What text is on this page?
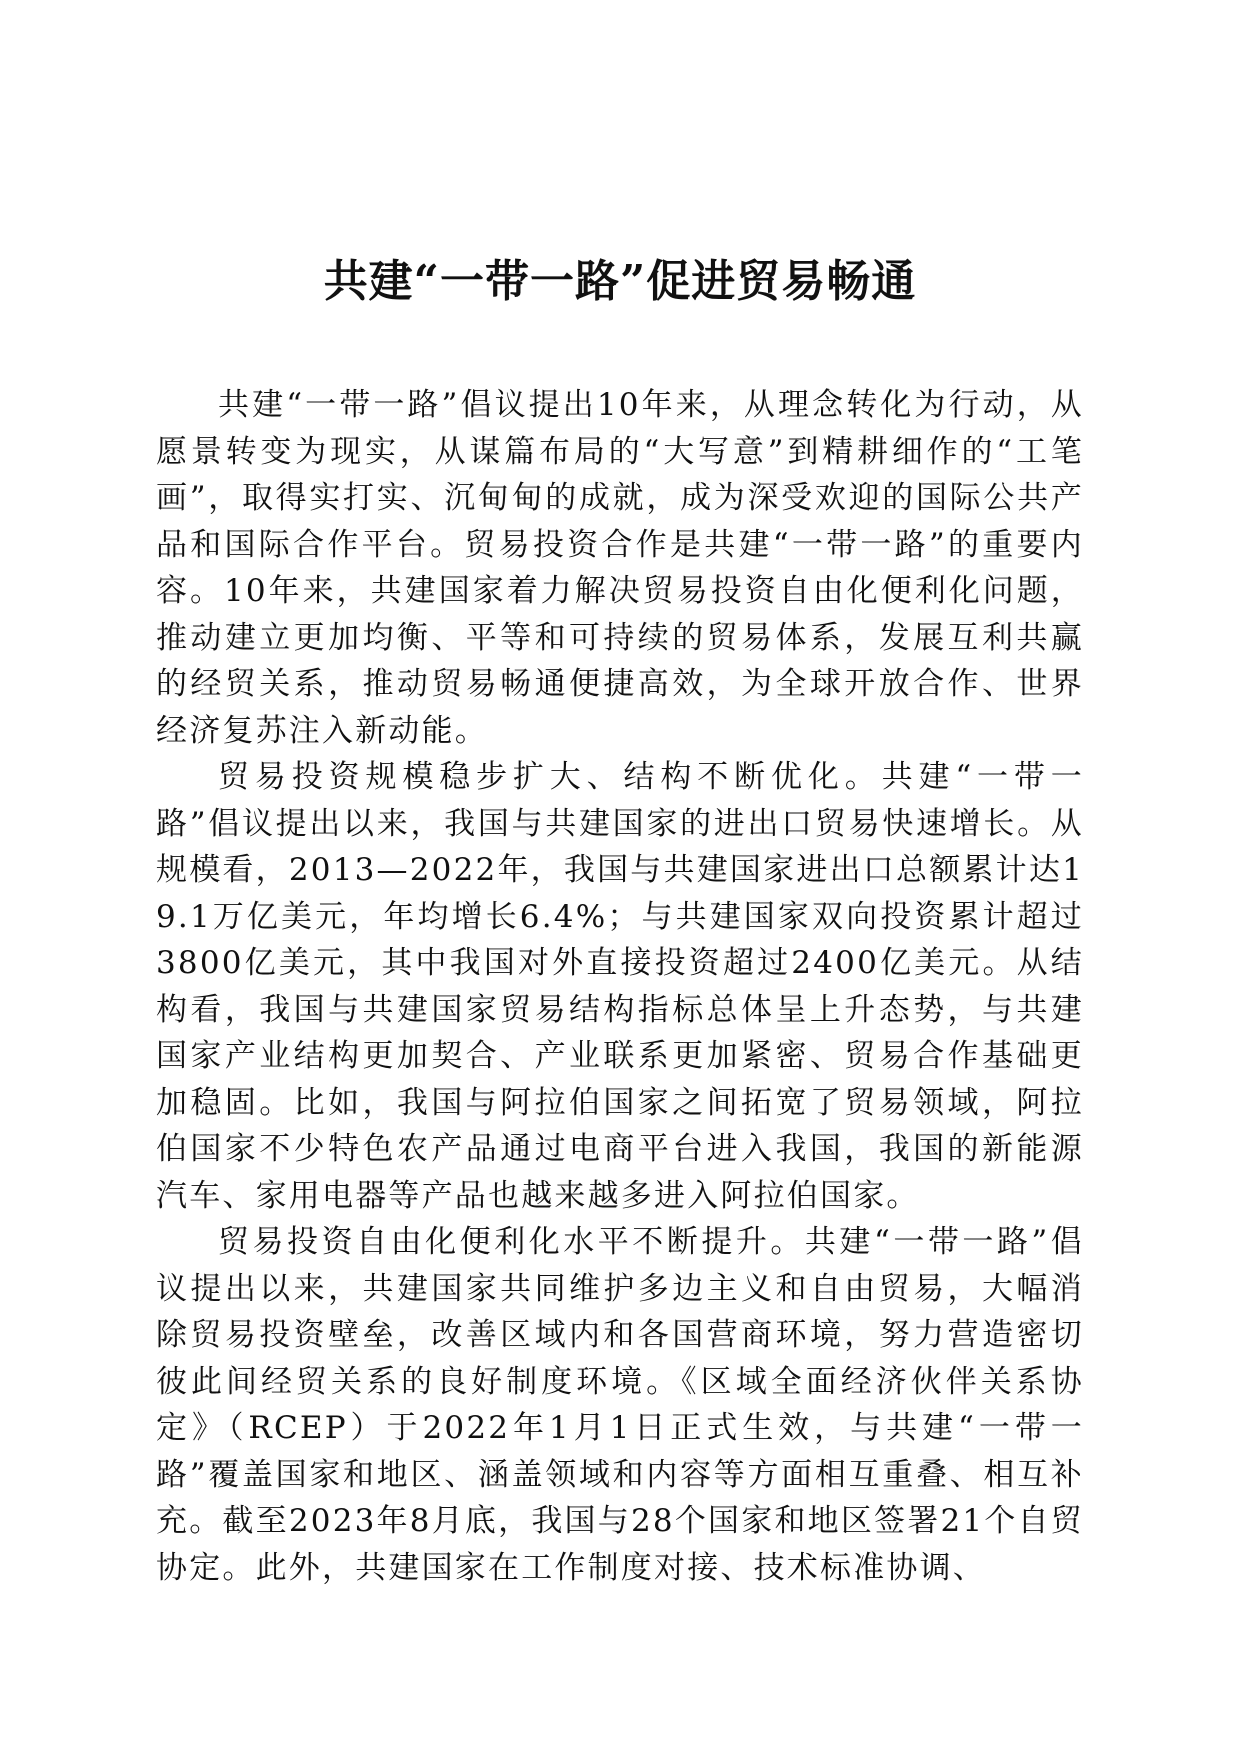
共建“一带一路”促进贸易畅通

共建“一带一路”倡议提出10年来，从理念转化为行动，从愿景转变为现实，从谋篇布局的“大写意”到精耕细作的“工笔画”，取得实打实、沉甸甸的成就，成为深受欢迎的国际公共产品和国际合作平台。贸易投资合作是共建“一带一路”的重要内容。10年来，共建国家着力解决贸易投资自由化便利化问题，推动建立更加均衡、平等和可持续的贸易体系，发展互利共赢的经贸关系，推动贸易畅通便捷高效，为全球开放合作、世界经济复苏注入新动能。

贸易投资规模稳步扩大、结构不断优化。共建“一带一路”倡议提出以来，我国与共建国家的进出口贸易快速增长。从规模看，2013—2022年，我国与共建国家进出口总额累计达19.1万亿美元，年均增长6.4%；与共建国家双向投资累计超过3800亿美元，其中我国对外直接投资超过2400亿美元。从结构看，我国与共建国家贸易结构指标总体呈上升态势，与共建国家产业结构更加契合、产业联系更加紧密、贸易合作基础更加稳固。比如，我国与阿拉伯国家之间拓宽了贸易领域，阿拉伯国家不少特色农产品通过电商平台进入我国，我国的新能源汽车、家用电器等产品也越来越多进入阿拉伯国家。

贸易投资自由化便利化水平不断提升。共建“一带一路”倡议提出以来，共建国家共同维护多边主义和自由贸易，大幅消除贸易投资壁垒，改善区域内和各国营商环境，努力营造密切彼此间经贸关系的良好制度环境。《区域全面经济伙伴关系协定》（RCEP）于2022年1月1日正式生效，与共建“一带一路”覆盖国家和地区、涵盖领域和内容等方面相互重叠、相互补充。截至2023年8月底，我国与28个国家和地区签署21个自贸协定。此外，共建国家在工作制度对接、技术标准协调、
